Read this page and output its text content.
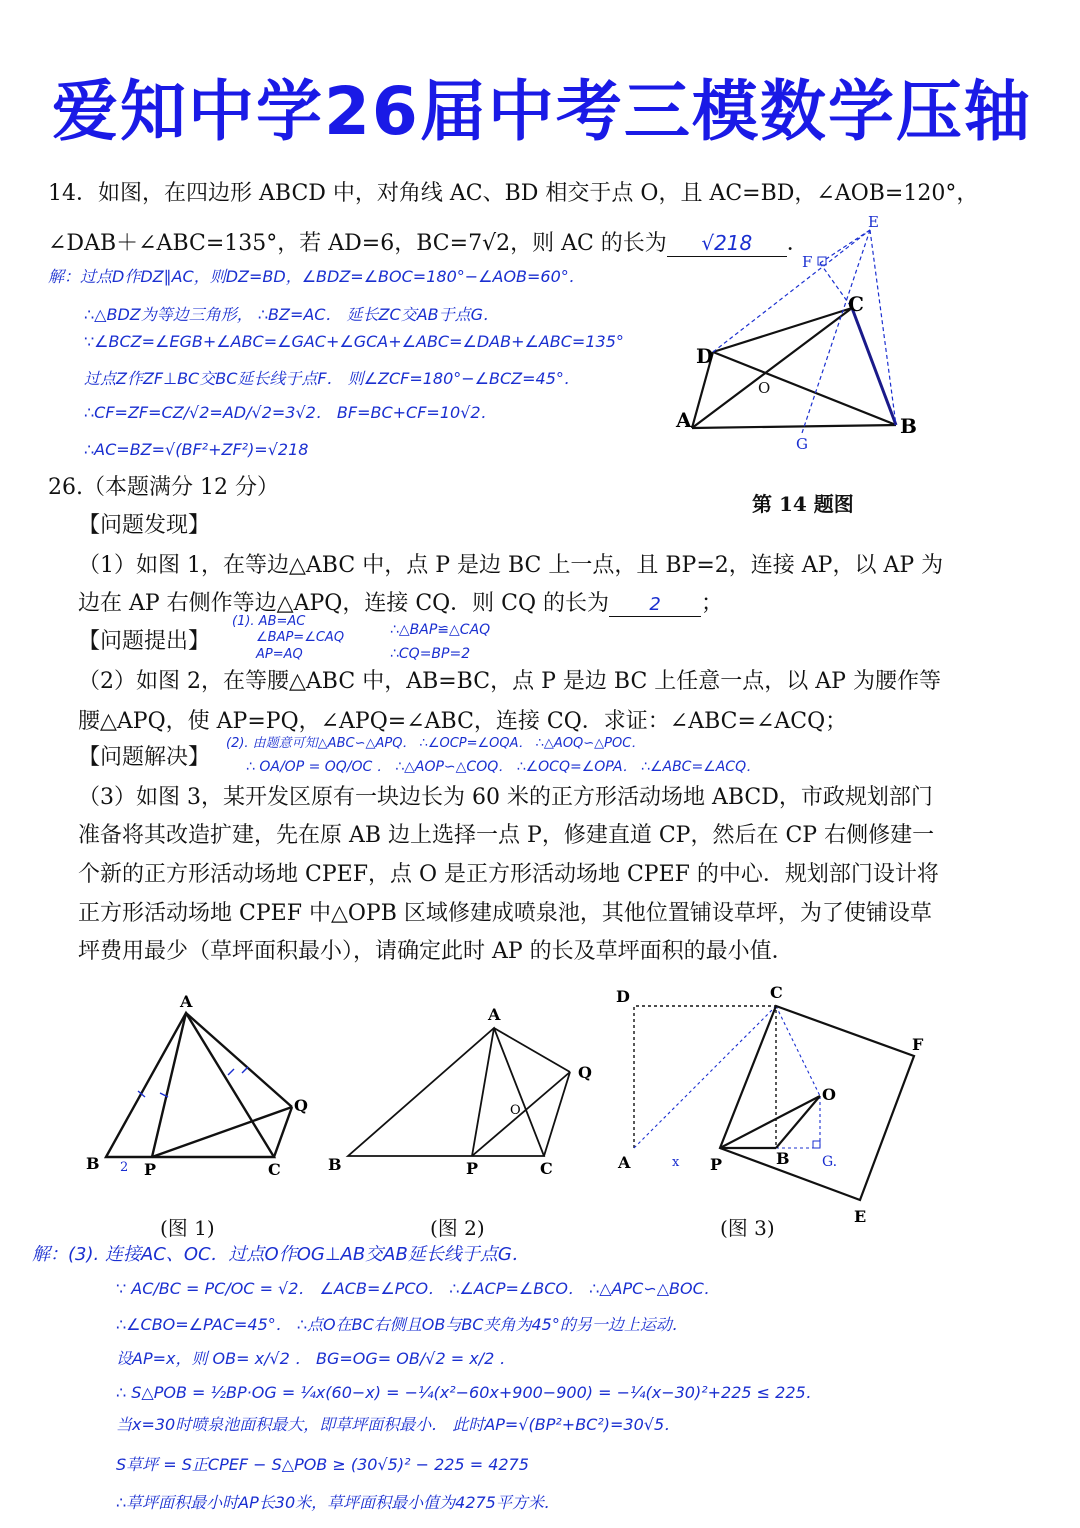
爱知中学26届中考三模数学压轴
14．如图，在四边形 ABCD 中，对角线 AC、BD 相交于点 O，且 AC=BD，∠AOB=120°，
∠DAB＋∠ABC=135°，若 AD=6，BC=7√2，则 AC 的长为 √218 ．
解：过点D作DZ∥AC，则DZ=BD，∠BDZ=∠BOC=180°−∠AOB=60°．
∴△BDZ为等边三角形， ∴BZ=AC． 延长ZC交AB于点G．
∵∠BCZ=∠EGB+∠ABC=∠GAC+∠GCA+∠ABC=∠DAB+∠ABC=135°
过点Z作ZF⊥BC交BC延长线于点F． 则∠ZCF=180°−∠BCZ=45°．
∴CF=ZF=CZ/√2=AD/√2=3√2． BF=BC+CF=10√2．
∴AC=BZ=√(BF²+ZF²)=√218
A	B
C
D
O
E
F
G
第 14 题图
26.（本题满分 12 分）
【问题发现】
（1）如图 1，在等边△ABC 中，点 P 是边 BC 上一点，且 BP=2，连接 AP，以 AP 为
边在 AP 右侧作等边△APQ，连接 CQ．则 CQ 的长为 2 ；
【问题提出】
(1). AB=AC
∠BAP=∠CAQ
AP=AQ
∴△BAP≌△CAQ
∴CQ=BP=2
（2）如图 2，在等腰△ABC 中，AB=BC，点 P 是边 BC 上任意一点，以 AP 为腰作等
腰△APQ，使 AP=PQ，∠APQ=∠ABC，连接 CQ．求证：∠ABC=∠ACQ；
【问题解决】
(2). 由题意可知△ABC∽△APQ． ∴∠OCP=∠OQA． ∴△AOQ∽△POC．
∴ OA/OP = OQ/OC ． ∴△AOP∽△COQ． ∴∠OCQ=∠OPA． ∴∠ABC=∠ACQ．
（3）如图 3，某开发区原有一块边长为 60 米的正方形活动场地 ABCD，市政规划部门
准备将其改造扩建，先在原 AB 边上选择一点 P，修建直道 CP，然后在 CP 右侧修建一
个新的正方形活动场地 CPEF，点 O 是正方形活动场地 CPEF 的中心．规划部门设计将
正方形活动场地 CPEF 中△OPB 区域修建成喷泉池，其他位置铺设草坪，为了使铺设草
坪费用最少（草坪面积最小），请确定此时 AP 的长及草坪面积的最小值．
A
B	C
P
Q
2
A
B	C
P
Q
O
D	C
F
O
A	P	B G.
E
x
(图 1)	(图 2)	(图 3)
解：(3). 连接AC、OC．过点O作OG⊥AB交AB延长线于点G．
∵ AC/BC = PC/OC = √2． ∠ACB=∠PCO． ∴∠ACP=∠BCO． ∴△APC∽△BOC．
∴∠CBO=∠PAC=45°． ∴点O在BC右侧且OB与BC夹角为45°的另一边上运动．
设AP=x，则 OB= x/√2 ． BG=OG= OB/√2 = x/2 ．
∴ S△POB = ½BP·OG = ¼x(60−x) = −¼(x²−60x+900−900) = −¼(x−30)²+225 ≤ 225．
当x=30时喷泉池面积最大，即草坪面积最小． 此时AP=√(BP²+BC²)=30√5．
S草坪 = S正CPEF − S△POB ≥ (30√5)² − 225 = 4275
∴草坪面积最小时AP长30米，草坪面积最小值为4275平方米．
